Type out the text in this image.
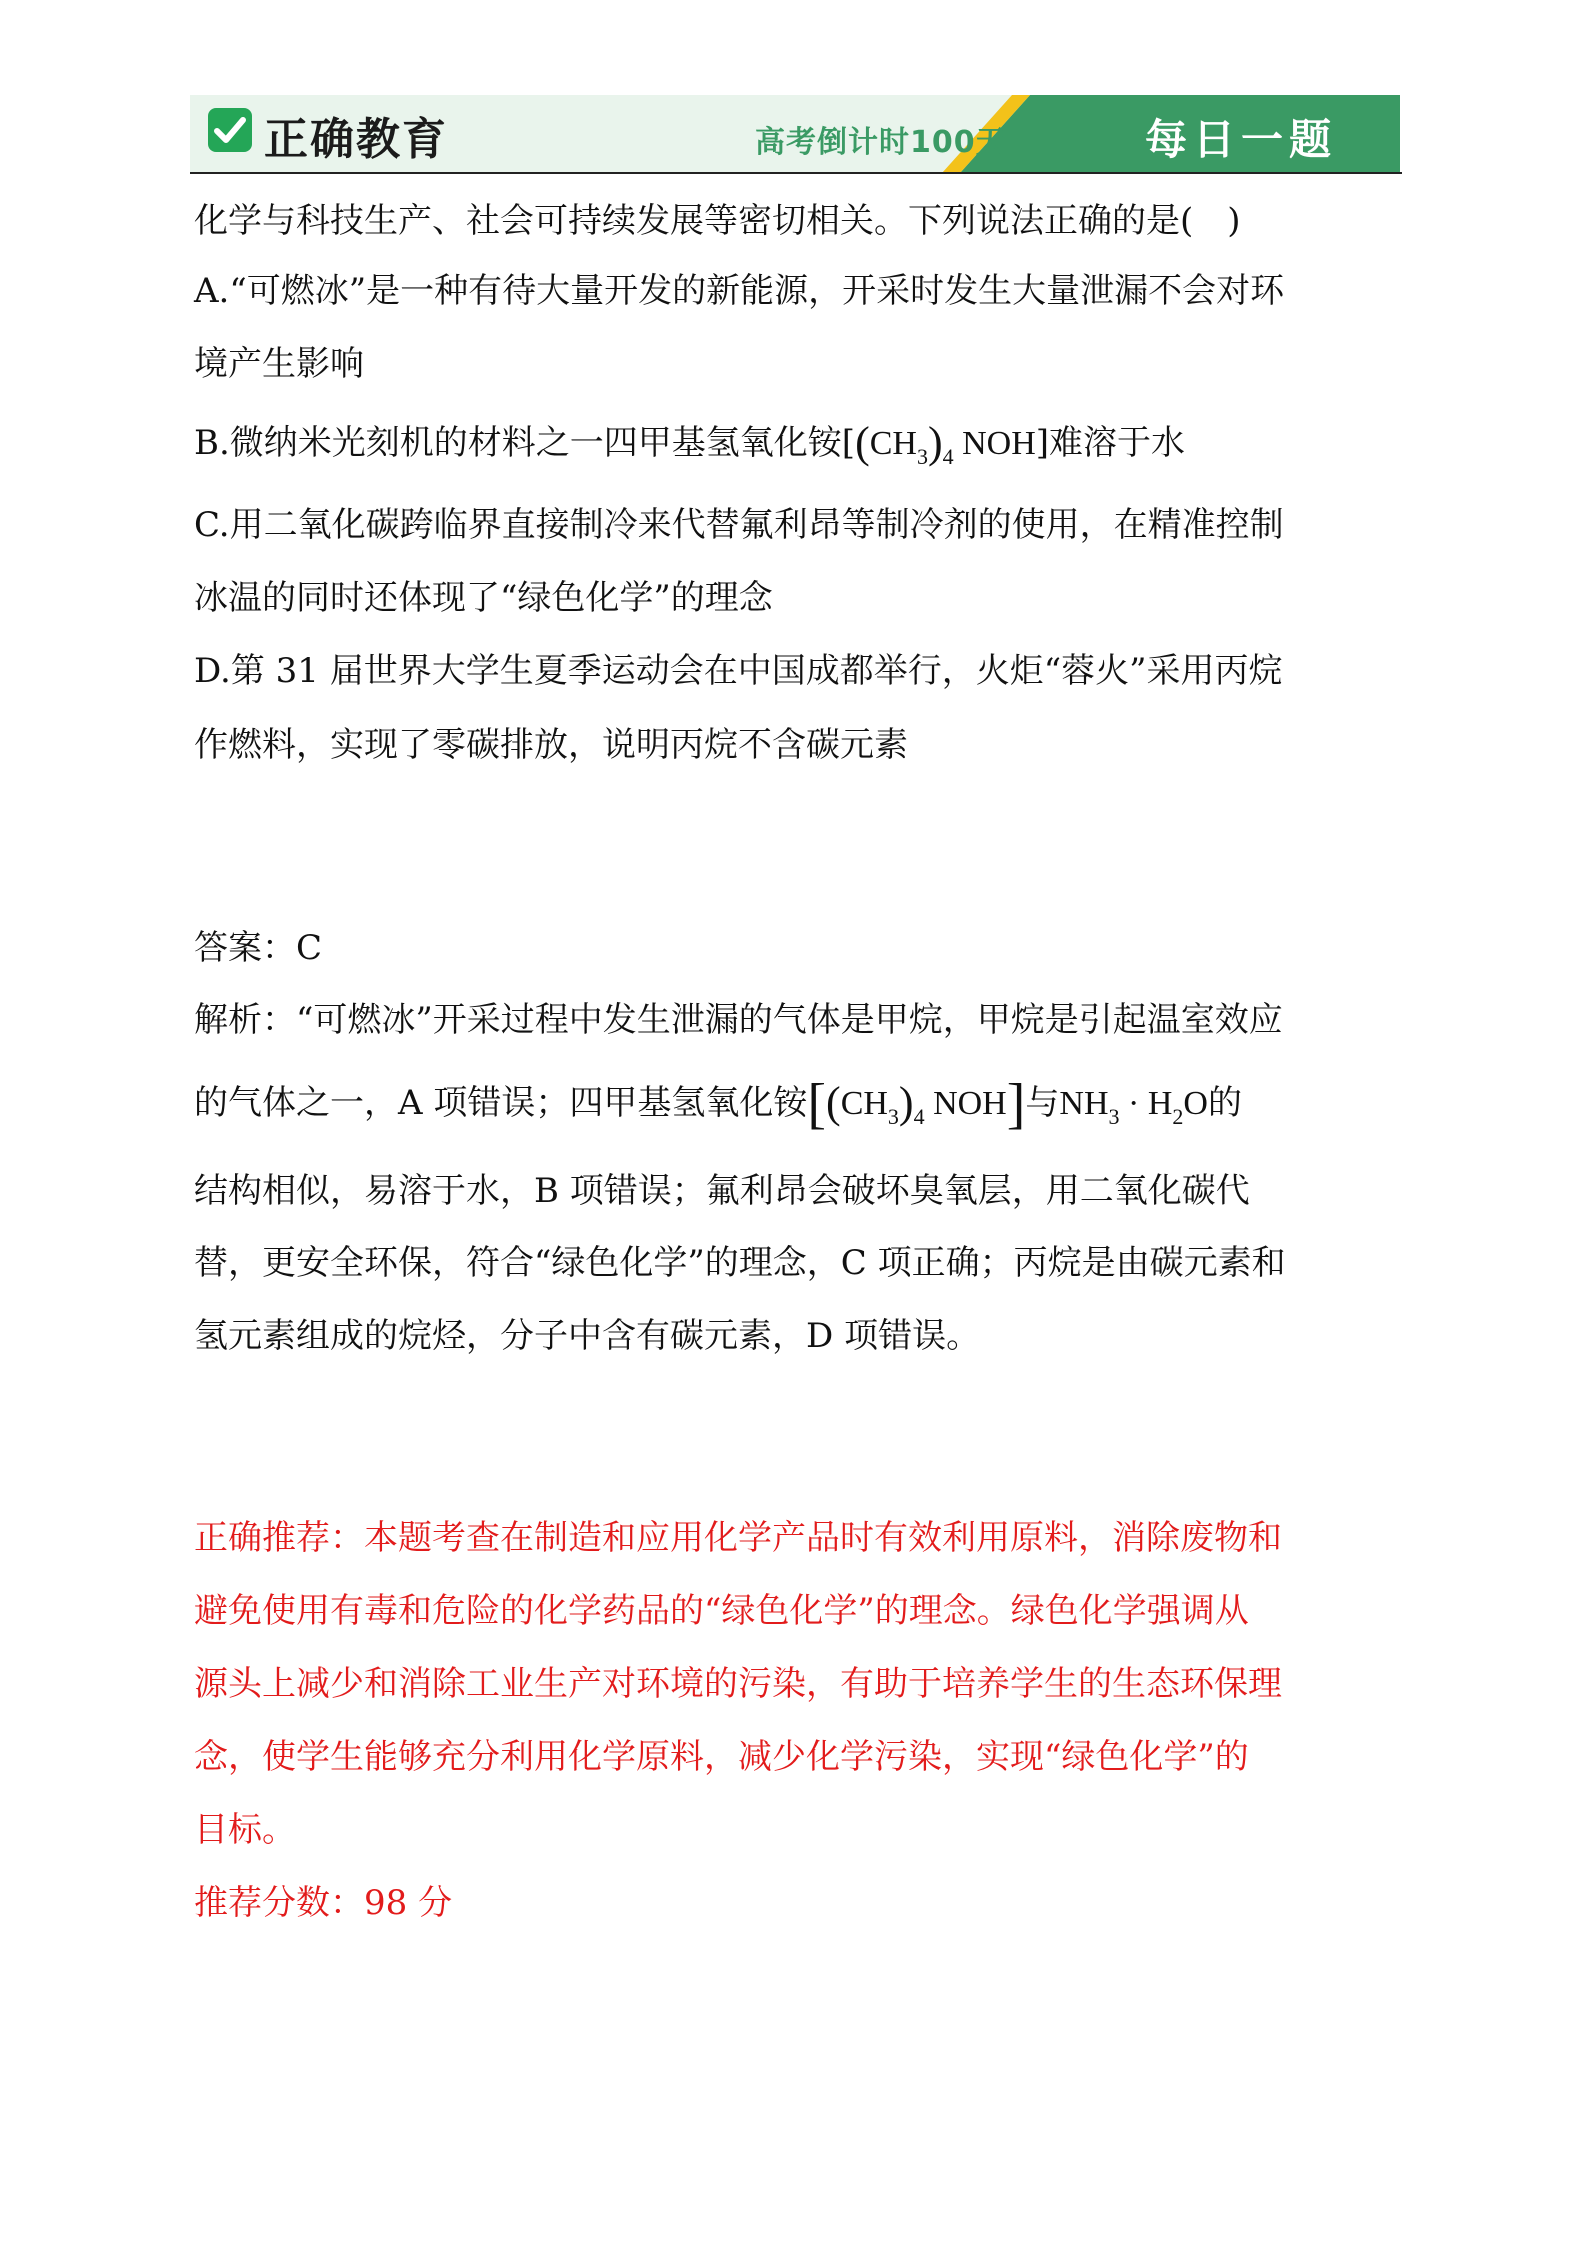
正确教育	高考倒计时100天	每日一题
化学与科技生产、社会可持续发展等密切相关。下列说法正确的是(　)
A.“可燃冰”是一种有待大量开发的新能源，开采时发生大量泄漏不会对环
境产生影响
B.微纳米光刻机的材料之一四甲基氢氧化铵[$(CH_3)_4$ NOH]难溶于水
C.用二氧化碳跨临界直接制冷来代替氟利昂等制冷剂的使用，在精准控制
冰温的同时还体现了“绿色化学”的理念
D.第 31 届世界大学生夏季运动会在中国成都举行，火炬“蓉火”采用丙烷
作燃料，实现了零碳排放，说明丙烷不含碳元素
答案：C
解析：“可燃冰”开采过程中发生泄漏的气体是甲烷，甲烷是引起温室效应
的气体之一，A 项错误；四甲基氢氧化铵[$(CH_3)_4$ NOH]与$NH_3 \cdot H_2O$的
结构相似，易溶于水，B 项错误；氟利昂会破坏臭氧层，用二氧化碳代
替，更安全环保，符合“绿色化学”的理念，C 项正确；丙烷是由碳元素和
氢元素组成的烷烃，分子中含有碳元素，D 项错误。
正确推荐：本题考查在制造和应用化学产品时有效利用原料，消除废物和
避免使用有毒和危险的化学药品的“绿色化学”的理念。绿色化学强调从
源头上减少和消除工业生产对环境的污染，有助于培养学生的生态环保理
念，使学生能够充分利用化学原料，减少化学污染，实现“绿色化学”的
目标。
推荐分数：98 分
